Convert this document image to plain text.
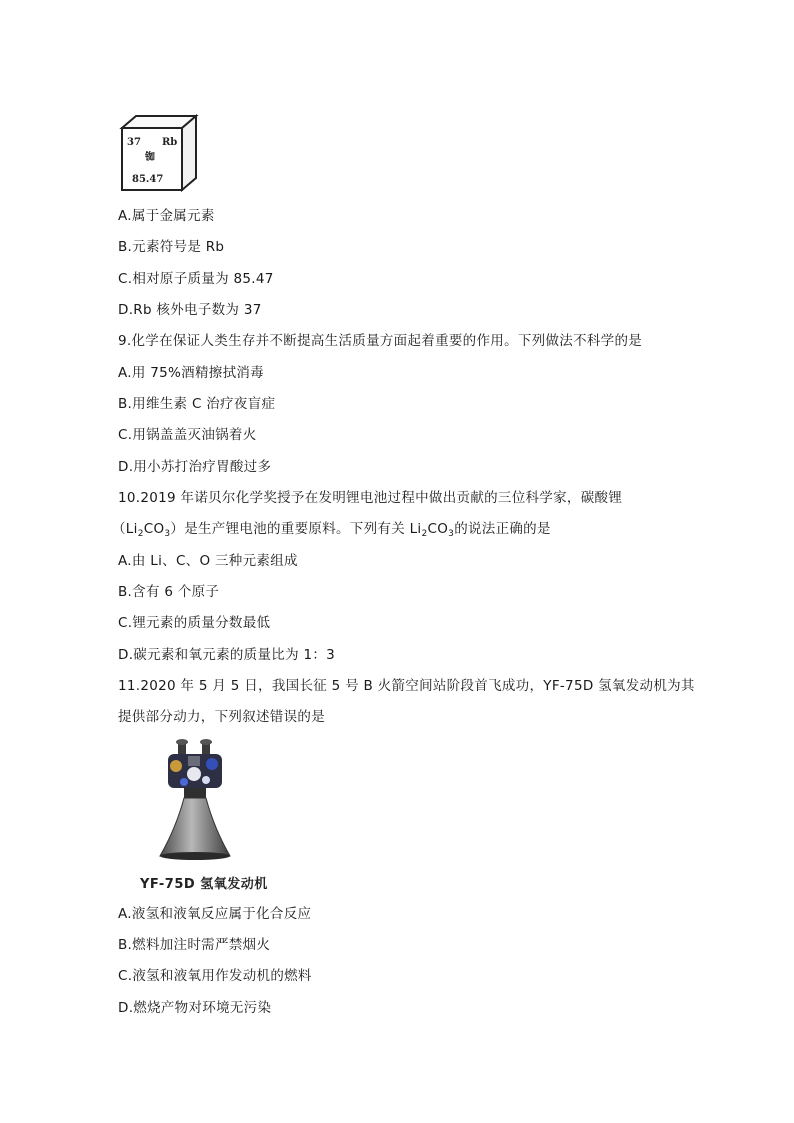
37 Rb
铷
85.47
A.属于金属元素
B.元素符号是 Rb
C.相对原子质量为 85.47
D.Rb 核外电子数为 37
9.化学在保证人类生存并不断提高生活质量方面起着重要的作用。下列做法不科学的是
A.用 75%酒精擦拭消毒
B.用维生素 C 治疗夜盲症
C.用锅盖盖灭油锅着火
D.用小苏打治疗胃酸过多
10.2019 年诺贝尔化学奖授予在发明锂电池过程中做出贡献的三位科学家，碳酸锂
$(Li_2CO_3)$是生产锂电池的重要原料。下列有关 $Li_2CO_3$的说法正确的是
A.由 Li、C、O 三种元素组成
B.含有 6 个原子
C.锂元素的质量分数最低
D.碳元素和氧元素的质量比为 1：3
11.2020 年 5 月 5 日，我国长征 5 号 B 火箭空间站阶段首飞成功，YF-75D 氢氧发动机为其
提供部分动力，下列叙述错误的是
YF-75D 氢氧发动机
A.液氢和液氧反应属于化合反应
B.燃料加注时需严禁烟火
C.液氢和液氧用作发动机的燃料
D.燃烧产物对环境无污染
